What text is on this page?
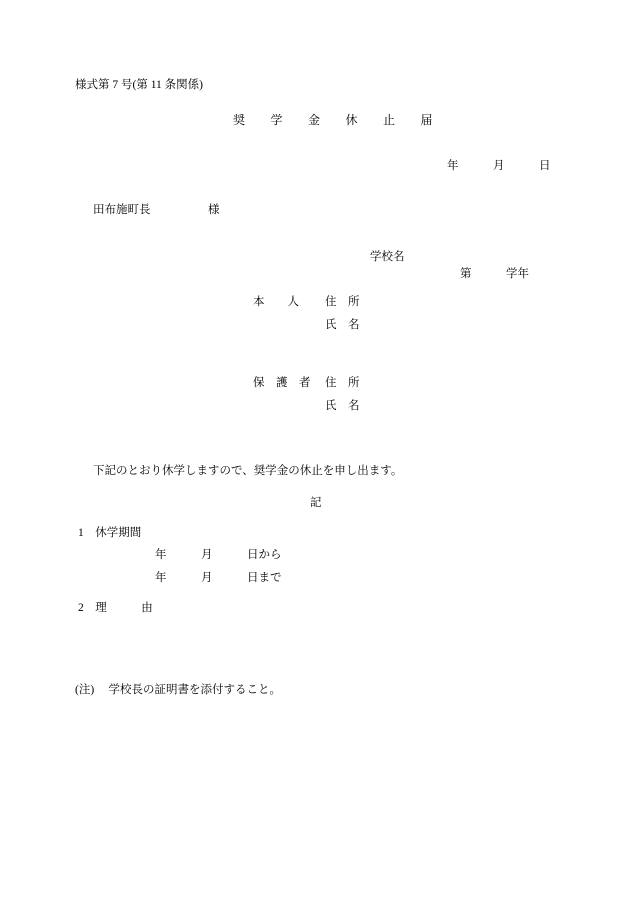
様式第 7 号(第 11 条関係)
奨　　学　　金　　休　　止　　届
年　　　月　　　日
田布施町長　　　　　様
学校名
第　　　学年
本　　人 住　所
氏　名
保　護　者 住　所
氏　名
下記のとおり休学しますので、奨学金の休止を申し出ます。
記
1　休学期間
年　　　月　　　日から
年　　　月　　　日まで
2　理　　　由
(注)　 学校長の証明書を添付すること。
